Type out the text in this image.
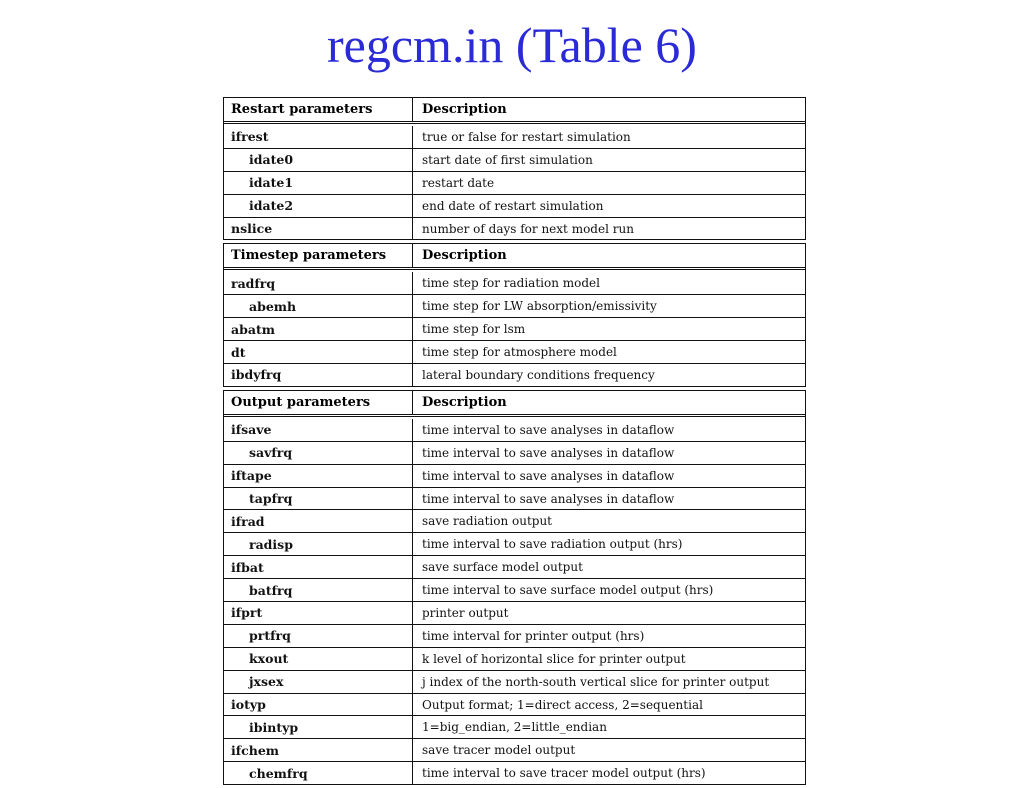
regcm.in (Table 6)
Restart parameters	Description
ifrest	true or false for restart simulation
idate0	start date of first simulation
idate1	restart date
idate2	end date of restart simulation
nslice	number of days for next model run
Timestep parameters	Description
radfrq	time step for radiation model
abemh	time step for LW absorption/emissivity
abatm	time step for lsm
dt	time step for atmosphere model
ibdyfrq	lateral boundary conditions frequency
Output parameters	Description
ifsave	time interval to save analyses in dataflow
savfrq	time interval to save analyses in dataflow
iftape	time interval to save analyses in dataflow
tapfrq	time interval to save analyses in dataflow
ifrad	save radiation output
radisp	time interval to save radiation output (hrs)
ifbat	save surface model output
batfrq	time interval to save surface model output (hrs)
ifprt	printer output
prtfrq	time interval for printer output (hrs)
kxout	k level of horizontal slice for printer output
jxsex	j index of the north-south vertical slice for printer output
iotyp	Output format; 1=direct access, 2=sequential
ibintyp	1=big_endian, 2=little_endian
ifchem	save tracer model output
chemfrq	time interval to save tracer model output (hrs)
